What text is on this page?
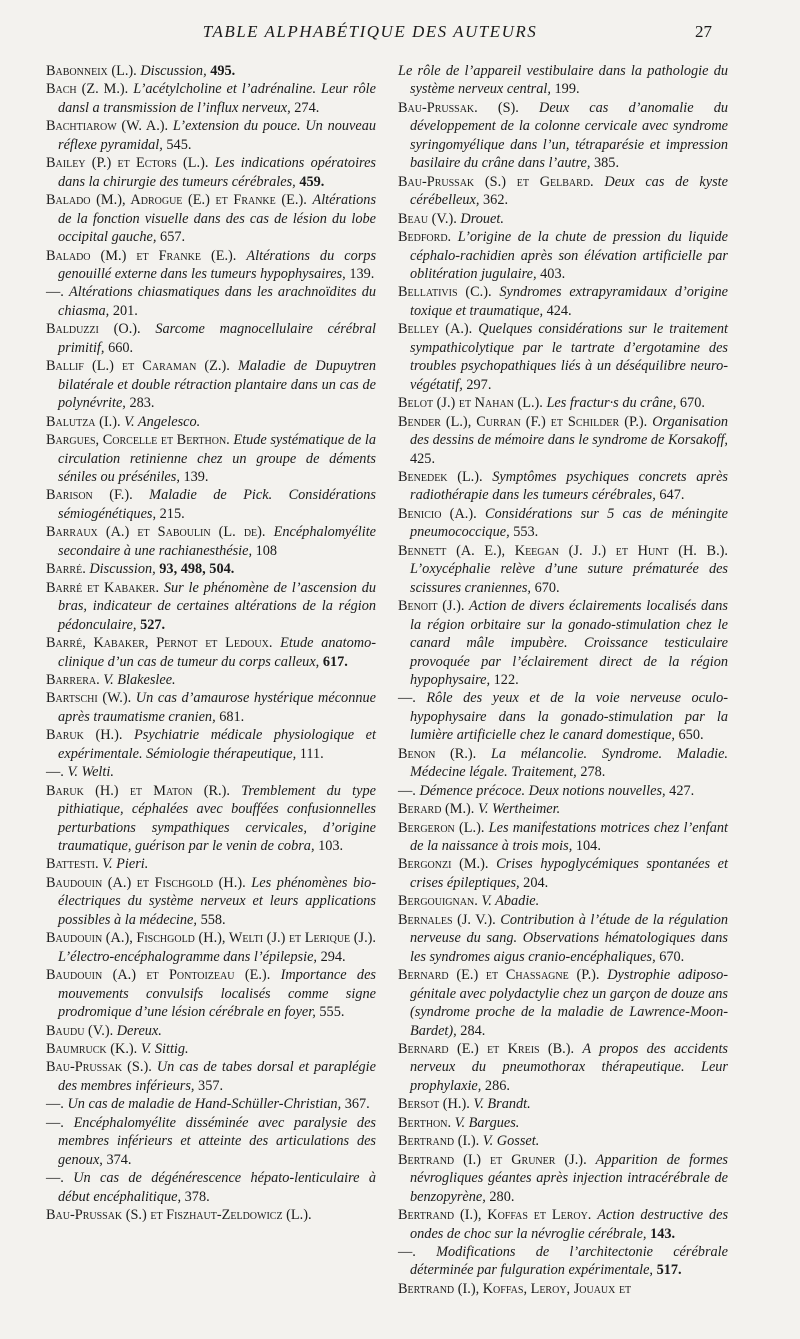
TABLE ALPHABÉTIQUE DES AUTEURS	27

Babonneix (L.). Discussion, 495.

Bach (Z. M.). L’acétylcholine et l’adrénaline. Leur rôle dansl a transmission de l’influx nerveux, 274.

Bachtiarow (W. A.). L’extension du pouce. Un nouveau réflexe pyramidal, 545.

Bailey (P.) et Ectors (L.). Les indications opératoires dans la chirurgie des tumeurs cérébrales, 459.

Balado (M.), Adrogue (E.) et Franke (E.). Altérations de la fonction visuelle dans des cas de lésion du lobe occipital gauche, 657.

Balado (M.) et Franke (E.). Altérations du corps genouillé externe dans les tumeurs hypophysaires, 139.

—. Altérations chiasmatiques dans les arachnoïdites du chiasma, 201.

Balduzzi (O.). Sarcome magnocellulaire cérébral primitif, 660.

Ballif (L.) et Caraman (Z.). Maladie de Dupuytren bilatérale et double rétraction plantaire dans un cas de polynévrite, 283.

Balutza (I.). V. Angelesco.

Bargues, Corcelle et Berthon. Etude systématique de la circulation retinienne chez un groupe de déments séniles ou préséniles, 139.

Barison (F.). Maladie de Pick. Considérations sémiogénétiques, 215.

Barraux (A.) et Saboulin (L. de). Encéphalomyélite secondaire à une rachianesthésie, 108

Barré. Discussion, 93, 498, 504.

Barré et Kabaker. Sur le phénomène de l’ascension du bras, indicateur de certaines altérations de la région pédonculaire, 527.

Barré, Kabaker, Pernot et Ledoux. Etude anatomo-clinique d’un cas de tumeur du corps calleux, 617.

Barrera. V. Blakeslee.

Bartschi (W.). Un cas d’amaurose hystérique méconnue après traumatisme cranien, 681.

Baruk (H.). Psychiatrie médicale physiologique et expérimentale. Sémiologie thérapeutique, 111.

—. V. Welti.

Baruk (H.) et Maton (R.). Tremblement du type pithiatique, céphalées avec bouffées confusionnelles perturbations sympathiques cervicales, d’origine traumatique, guérison par le venin de cobra, 103.

Battesti. V. Pieri.

Baudouin (A.) et Fischgold (H.). Les phénomènes bio-électriques du système nerveux et leurs applications possibles à la médecine, 558.

Baudouin (A.), Fischgold (H.), Welti (J.) et Lerique (J.). L’électro-encéphalogramme dans l’épilepsie, 294.

Baudouin (A.) et Pontoizeau (E.). Importance des mouvements convulsifs localisés comme signe prodromique d’une lésion cérébrale en foyer, 555.

Baudu (V.). Dereux.

Baumruck (K.). V. Sittig.

Bau-Prussak (S.). Un cas de tabes dorsal et paraplégie des membres inférieurs, 357.

—. Un cas de maladie de Hand-Schüller-Christian, 367.

—. Encéphalomyélite disséminée avec paralysie des membres inférieurs et atteinte des articulations des genoux, 374.

—. Un cas de dégénérescence hépato-lenticulaire à début encéphalitique, 378.

Bau-Prussak (S.) et Fiszhaut-Zeldowicz (L.).

Le rôle de l’appareil vestibulaire dans la pathologie du système nerveux central, 199.

Bau-Prussak. (S). Deux cas d’anomalie du développement de la colonne cervicale avec syndrome syringomyélique dans l’un, tétraparésie et impression basilaire du crâne dans l’autre, 385.

Bau-Prussak (S.) et Gelbard. Deux cas de kyste cérébelleux, 362.

Beau (V.). Drouet.

Bedford. L’origine de la chute de pression du liquide céphalo-rachidien après son élévation artificielle par oblitération jugulaire, 403.

Bellativis (C.). Syndromes extrapyramidaux d’origine toxique et traumatique, 424.

Belley (A.). Quelques considérations sur le traitement sympathicolytique par le tartrate d’ergotamine des troubles psychopathiques liés à un déséquilibre neuro-végétatif, 297.

Belot (J.) et Nahan (L.). Les fractur·s du crâne, 670.

Bender (L.), Curran (F.) et Schilder (P.). Organisation des dessins de mémoire dans le syndrome de Korsakoff, 425.

Benedek (L.). Symptômes psychiques concrets après radiothérapie dans les tumeurs cérébrales, 647.

Benicio (A.). Considérations sur 5 cas de méningite pneumococcique, 553.

Bennett (A. E.), Keegan (J. J.) et Hunt (H. B.). L’oxycéphalie relève d’une suture prématurée des scissures craniennes, 670.

Benoit (J.). Action de divers éclairements localisés dans la région orbitaire sur la gonado-stimulation chez le canard mâle impubère. Croissance testiculaire provoquée par l’éclairement direct de la région hypophysaire, 122.

—. Rôle des yeux et de la voie nerveuse oculo-hypophysaire dans la gonado-stimulation par la lumière artificielle chez le canard domestique, 650.

Benon (R.). La mélancolie. Syndrome. Maladie. Médecine légale. Traitement, 278.

—. Démence précoce. Deux notions nouvelles, 427.

Berard (M.). V. Wertheimer.

Bergeron (L.). Les manifestations motrices chez l’enfant de la naissance à trois mois, 104.

Bergonzi (M.). Crises hypoglycémiques spontanées et crises épileptiques, 204.

Bergouignan. V. Abadie.

Bernales (J. V.). Contribution à l’étude de la régulation nerveuse du sang. Observations hématologiques dans les syndromes aigus cranio-encéphaliques, 670.

Bernard (E.) et Chassagne (P.). Dystrophie adiposo-génitale avec polydactylie chez un garçon de douze ans (syndrome proche de la maladie de Lawrence-Moon-Bardet), 284.

Bernard (E.) et Kreis (B.). A propos des accidents nerveux du pneumothorax thérapeutique. Leur prophylaxie, 286.

Bersot (H.). V. Brandt.

Berthon. V. Bargues.

Bertrand (I.). V. Gosset.

Bertrand (I.) et Gruner (J.). Apparition de formes névrogliques géantes après injection intracérébrale de benzopyrène, 280.

Bertrand (I.), Koffas et Leroy. Action destructive des ondes de choc sur la névroglie cérébrale, 143.

—. Modifications de l’architectonie cérébrale déterminée par fulguration expérimentale, 517.

Bertrand (I.), Koffas, Leroy, Jouaux et
